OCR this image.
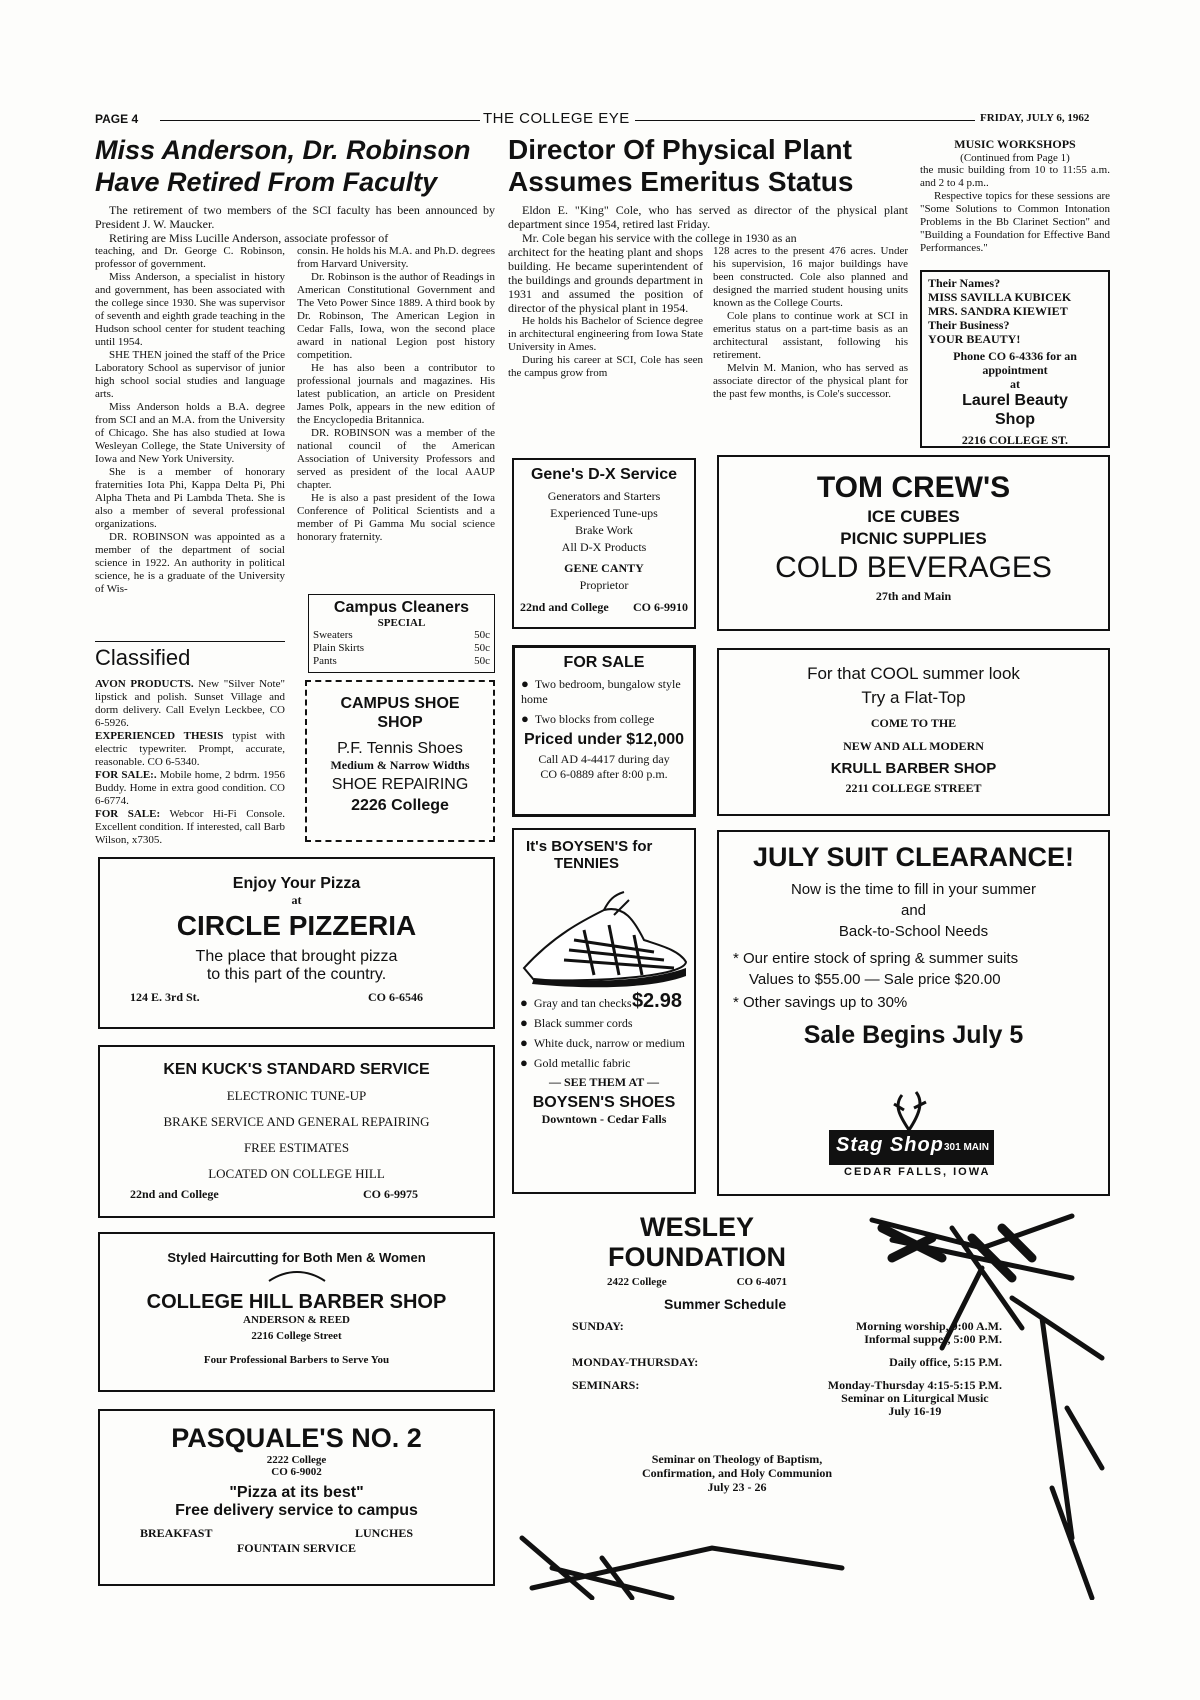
PAGE 4	THE COLLEGE EYE	FRIDAY, JULY 6, 1962
Miss Anderson, Dr. Robinson
Have Retired From Faculty

The retirement of two members of the SCI faculty has been announced by President J. W. Maucker.

Retiring are Miss Lucille Anderson, associate professor of

teaching, and Dr. George C. Robinson, professor of government.

Miss Anderson, a specialist in history and government, has been associated with the college since 1930. She was supervisor of seventh and eighth grade teaching in the Hudson school center for student teaching until 1954.

SHE THEN joined the staff of the Price Laboratory School as supervisor of junior high school social studies and language arts.

Miss Anderson holds a B.A. degree from SCI and an M.A. from the University of Chicago. She has also studied at Iowa Wesleyan College, the State University of Iowa and New York University.

She is a member of honorary fraternities Iota Phi, Kappa Delta Pi, Phi Alpha Theta and Pi Lambda Theta. She is also a member of several professional organizations.

DR. ROBINSON was appointed as a member of the department of social science in 1922. An authority in political science, he is a graduate of the University of Wis-

consin. He holds his M.A. and Ph.D. degrees from Harvard University.

Dr. Robinson is the author of Readings in American Constitutional Government and The Veto Power Since 1889. A third book by Dr. Robinson, The American Legion in Cedar Falls, Iowa, won the second place award in national Legion post history competition.

He has also been a contributor to professional journals and magazines. His latest publication, an article on President James Polk, appears in the new edition of the Encyclopedia Britannica.

DR. ROBINSON was a member of the national council of the American Association of University Professors and served as president of the local AAUP chapter.

He is also a past president of the Iowa Conference of Political Scientists and a member of Pi Gamma Mu social science honorary fraternity.

Classified

AVON PRODUCTS. New "Silver Note" lipstick and polish. Sunset Village and dorm delivery. Call Evelyn Leckbee, CO 6-5926.

EXPERIENCED THESIS typist with electric typewriter. Prompt, accurate, reasonable. CO 6-5340.

FOR SALE:. Mobile home, 2 bdrm. 1956 Buddy. Home in extra good condition. CO 6-6774.

FOR SALE: Webcor Hi-Fi Console. Excellent condition. If interested, call Barb Wilson, x7305.

Campus Cleaners
SPECIAL
Sweaters	50c
Plain Skirts	50c
Pants	50c
CAMPUS SHOE
SHOP
P.F. Tennis Shoes
Medium & Narrow Widths
SHOE REPAIRING
2226 College
Director Of Physical Plant
Assumes Emeritus Status

Eldon E. "King" Cole, who has served as director of the physical plant department since 1954, retired last Friday.

Mr. Cole began his service with the college in 1930 as an

architect for the heating plant and shops building. He became superintendent of the buildings and grounds department in 1931 and assumed the position of director of the physical plant in 1954.

He holds his Bachelor of Science degree in architectural engineering from Iowa State University in Ames.

During his career at SCI, Cole has seen the campus grow from

128 acres to the present 476 acres. Under his supervision, 16 major buildings have been constructed. Cole also planned and designed the married student housing units known as the College Courts.

Cole plans to continue work at SCI in emeritus status on a part-time basis as an architectural assistant, following his retirement.

Melvin M. Manion, who has served as associate director of the physical plant for the past few months, is Cole's successor.

MUSIC WORKSHOPS
(Continued from Page 1)

the music building from 10 to 11:55 a.m. and 2 to 4 p.m..

Respective topics for these sessions are "Some Solutions to Common Intonation Problems in the Bb Clarinet Section" and "Building a Foundation for Effective Band Performances."

Their Names?
MISS SAVILLA KUBICEK
MRS. SANDRA KIEWIET
Their Business?
YOUR BEAUTY!
Phone CO 6-4336 for an appointment
at
Laurel Beauty
Shop
2216 COLLEGE ST.
Gene's D-X Service
Generators and Starters
Experienced Tune-ups
Brake Work
All D-X Products
GENE CANTY
Proprietor
22nd and College CO 6-9910
TOM CREW'S
ICE CUBES
PICNIC SUPPLIES
COLD BEVERAGES
27th and Main
FOR SALE
● Two bedroom, bungalow style home
● Two blocks from college
Priced under $12,000
Call AD 4-4417 during day
CO 6-0889 after 8:00 p.m.
For that COOL summer look
Try a Flat-Top
COME TO THE
NEW AND ALL MODERN
KRULL BARBER SHOP
2211 COLLEGE STREET
It's BOYSEN'S for
TENNIES
$2.98
● Gray and tan checks
● Black summer cords
● White duck, narrow or medium
● Gold metallic fabric
— SEE THEM AT —
BOYSEN'S SHOES
Downtown - Cedar Falls
JULY SUIT CLEARANCE!
Now is the time to fill in your summer
and
Back-to-School Needs
* Our entire stock of spring & summer suits
Values to $55.00 — Sale price $20.00
* Other savings up to 30%
Sale Begins July 5
Stag Shop 301 MAIN
CEDAR FALLS, IOWA
Enjoy Your Pizza
at
CIRCLE PIZZERIA
The place that brought pizza
to this part of the country.
124 E. 3rd St.	CO 6-6546
KEN KUCK'S STANDARD SERVICE
ELECTRONIC TUNE-UP
BRAKE SERVICE AND GENERAL REPAIRING
FREE ESTIMATES
LOCATED ON COLLEGE HILL
22nd and College	CO 6-9975
Styled Haircutting for Both Men & Women
COLLEGE HILL BARBER SHOP
ANDERSON & REED
2216 College Street
Four Professional Barbers to Serve You
PASQUALE'S NO. 2
2222 College
CO 6-9002
"Pizza at its best"
Free delivery service to campus
BREAKFAST	LUNCHES
FOUNTAIN SERVICE
WESLEY
FOUNDATION
2422 College	CO 6-4071
Summer Schedule
SUNDAY:	Morning worship, 9:00 A.M.
Informal supper, 5:00 P.M.
MONDAY-THURSDAY:	Daily office, 5:15 P.M.
SEMINARS:	Monday-Thursday 4:15-5:15 P.M.
Seminar on Liturgical Music
July 16-19
Seminar on Theology of Baptism,
Confirmation, and Holy Communion
July 23 - 26
